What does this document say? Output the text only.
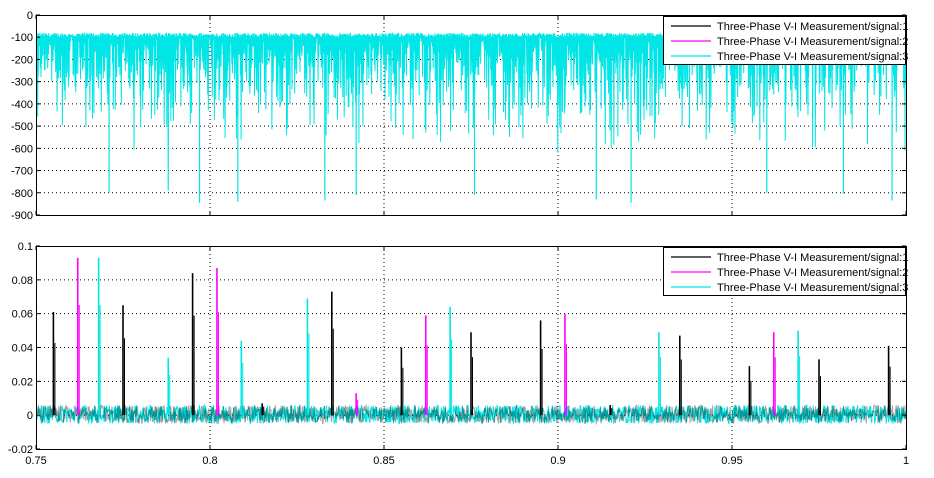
0
-100
-200
-300
-400
-500
-600
-700
-800
-900
Three-Phase V-I Measurement/signal:1
Three-Phase V-I Measurement/signal:2
Three-Phase V-I Measurement/signal:3
0.1
0.08
0.06
0.04
0.02
0
-0.02
0.75	0.8	0.85	0.9	0.95	1
Three-Phase V-I Measurement/signal:1
Three-Phase V-I Measurement/signal:2
Three-Phase V-I Measurement/signal:3
